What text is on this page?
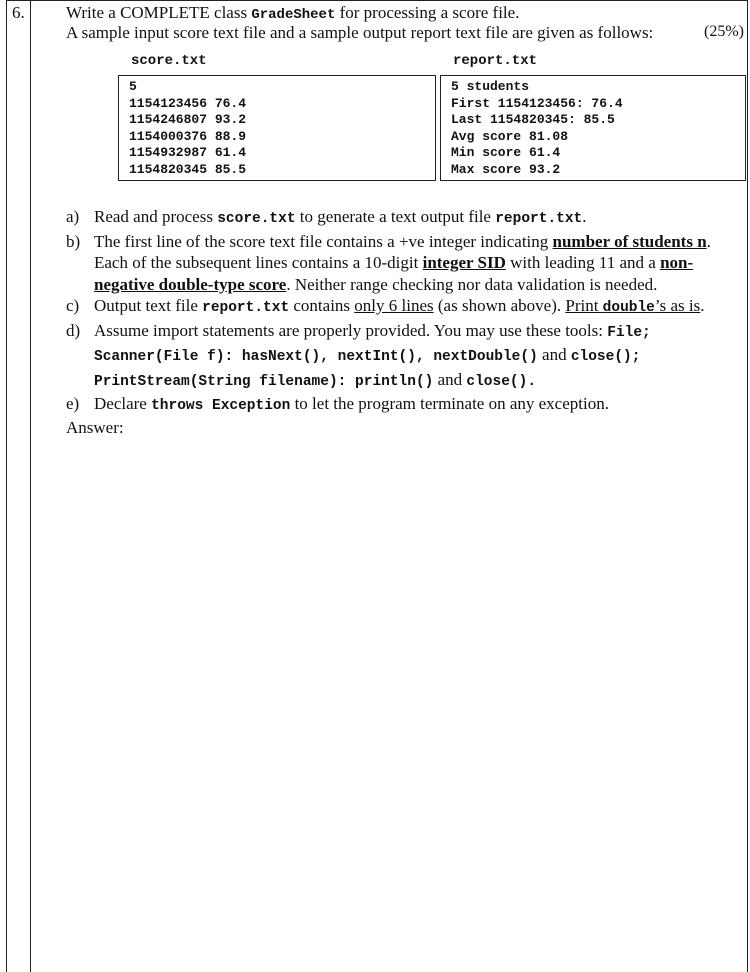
6. Write a COMPLETE class GradeSheet for processing a score file.
A sample input score text file and a sample output report text file are given as follows:	(25%)
score.txt
5
1154123456 76.4
1154246807 93.2
1154000376 88.9
1154932987 61.4
1154820345 85.5
report.txt
5 students
First 1154123456: 76.4
Last 1154820345: 85.5
Avg score 81.08
Min score 61.4
Max score 93.2
a) Read and process score.txt to generate a text output file report.txt.
b) The first line of the score text file contains a +ve integer indicating number of students n. Each of the subsequent lines contains a 10-digit integer SID with leading 11 and a non-negative double-type score. Neither range checking nor data validation is needed.
c) Output text file report.txt contains only 6 lines (as shown above). Print double’s as is.
d) Assume import statements are properly provided. You may use these tools: File;
Scanner(File f): hasNext(), nextInt(), nextDouble() and close();
PrintStream(String filename): println() and close().
e) Declare throws Exception to let the program terminate on any exception.
Answer:
